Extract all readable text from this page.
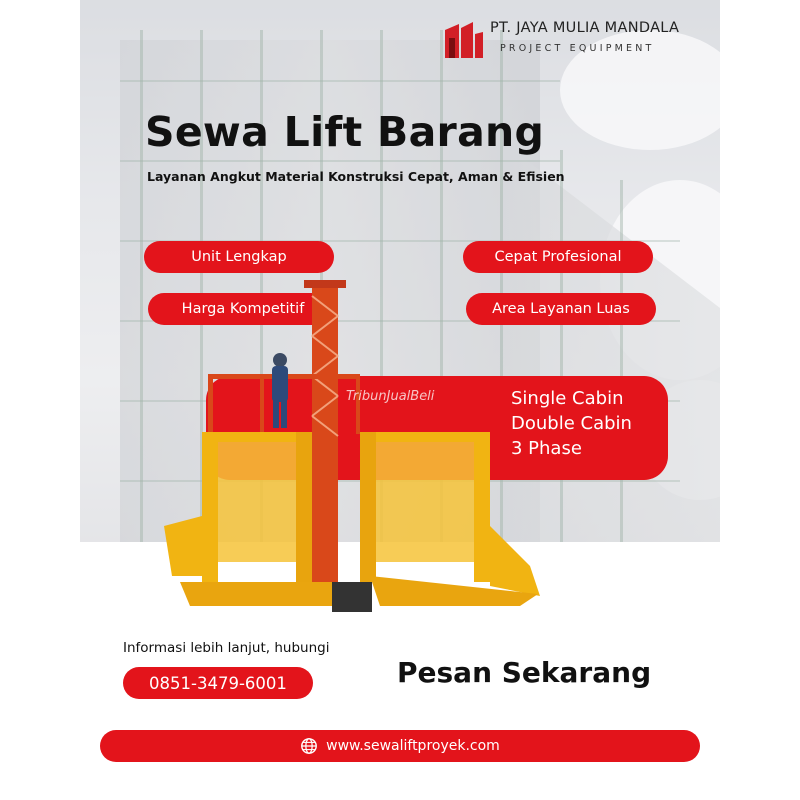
PT. JAYA MULIA MANDALA
PROJECT EQUIPMENT
Sewa Lift Barang
Layanan Angkut Material Konstruksi Cepat, Aman & Efisien
Unit Lengkap	Cepat Profesional
Harga Kompetitif	Area Layanan Luas
Single Cabin
Double Cabin
3 Phase
TribunJualBeli
Informasi lebih lanjut, hubungi
0851-3479-6001	Pesan Sekarang
www.sewaliftproyek.com
